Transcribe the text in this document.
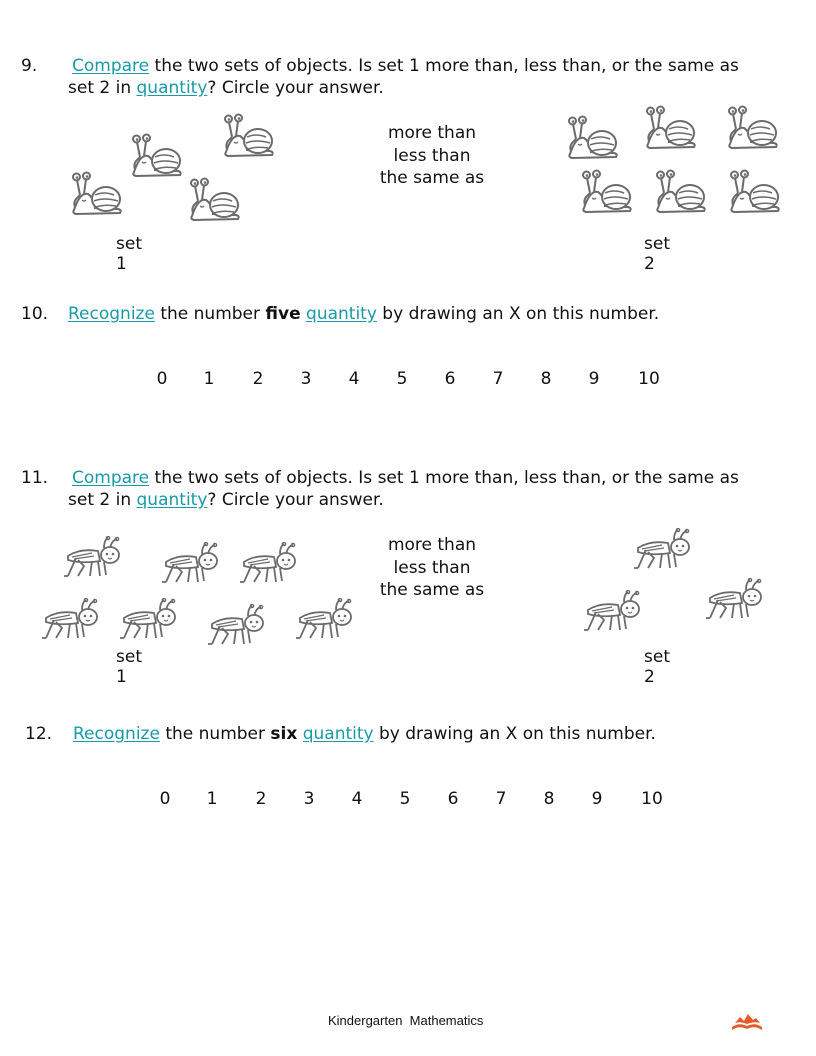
9. Compare the two sets of objects. Is set 1 more than, less than, or the same as
set 2 in quantity? Circle your answer.
more than
less than
the same as
set 1
set 2
10. Recognize the number five quantity by drawing an X on this number.
0 1 2 3 4 5 6 7 8 9 10
11. Compare the two sets of objects. Is set 1 more than, less than, or the same as
set 2 in quantity? Circle your answer.
more than
less than
the same as
set 1
set 2
12. Recognize the number six quantity by drawing an X on this number.
0 1 2 3 4 5 6 7 8 9 10
Kindergarten  Mathematics
